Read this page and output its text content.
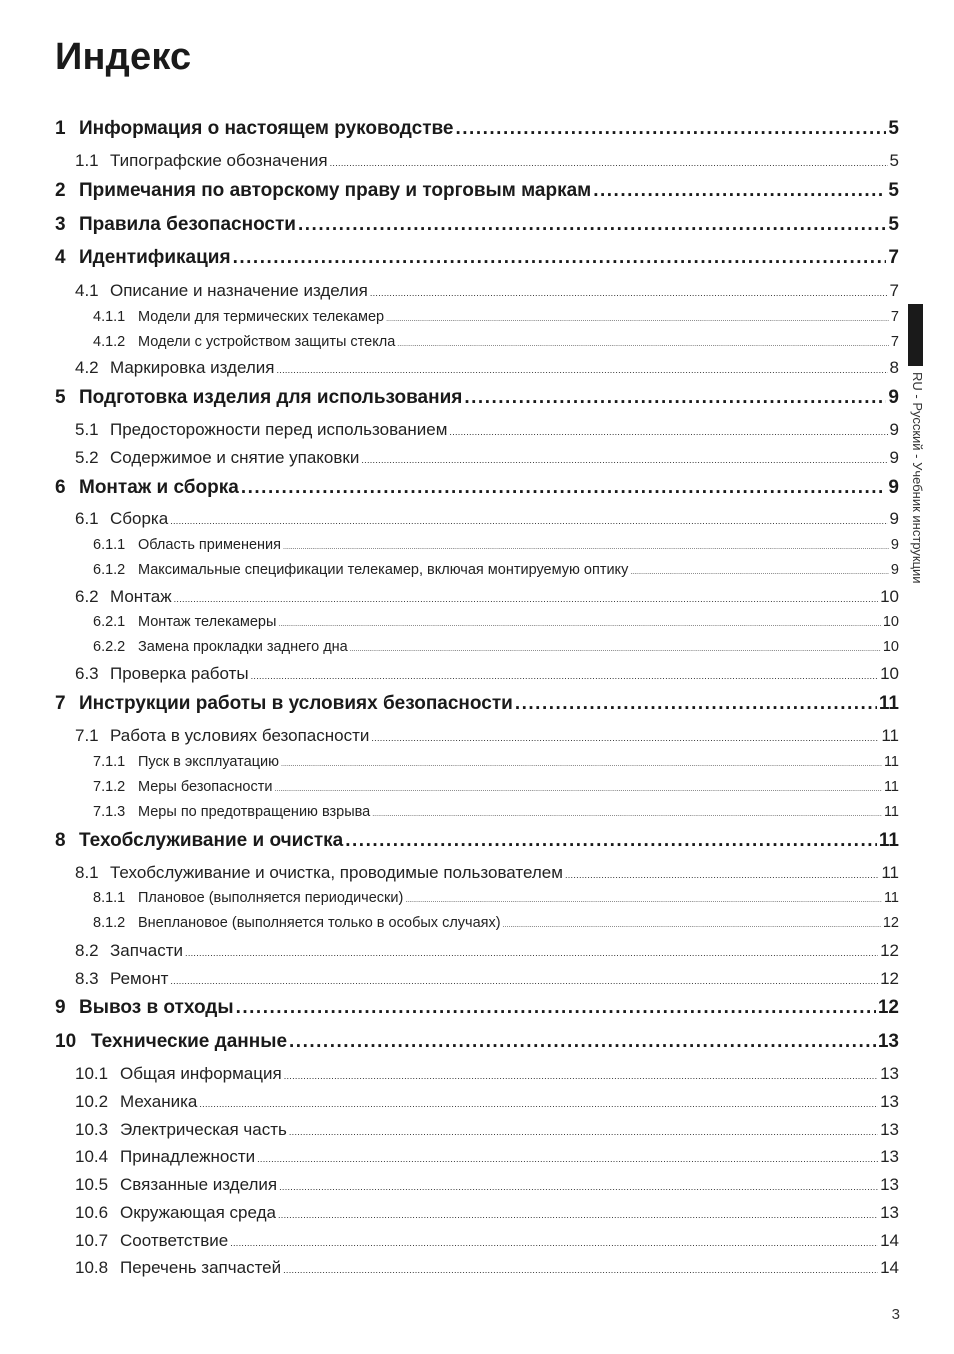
Индекс
1 Информация о настоящем руководстве .....	5
1.1 Типографские обозначения .....	5
2 Примечания по авторскому праву и торговым маркам .....	5
3 Правила безопасности .....	5
4 Идентификация .....	7
4.1 Описание и назначение изделия .....	7
4.1.1 Модели для термических телекамер .....	7
4.1.2 Модели с устройством защиты стекла .....	7
4.2 Маркировка изделия .....	8
5 Подготовка изделия для использования .....	9
5.1 Предосторожности перед использованием .....	9
5.2 Содержимое и снятие упаковки .....	9
6 Монтаж и сборка .....	9
6.1 Сборка .....	9
6.1.1 Область применения .....	9
6.1.2 Максимальные спецификации телекамер, включая монтируемую оптику .....	9
6.2 Монтаж .....	10
6.2.1 Монтаж телекамеры .....	10
6.2.2 Замена прокладки заднего дна .....	10
6.3 Проверка работы .....	10
7 Инструкции работы в условиях безопасности .....	11
7.1 Работа в условиях безопасности .....	11
7.1.1 Пуск в эксплуатацию .....	11
7.1.2 Меры безопасности .....	11
7.1.3 Меры по предотвращению взрыва .....	11
8 Техобслуживание и очистка .....	11
8.1 Техобслуживание и очистка, проводимые пользователем .....	11
8.1.1 Плановое (выполняется периодически) .....	11
8.1.2 Внеплановое (выполняется только в особых случаях) .....	12
8.2 Запчасти .....	12
8.3 Ремонт .....	12
9 Вывоз в отходы .....	12
10 Технические данные .....	13
10.1 Общая информация .....	13
10.2 Механика .....	13
10.3 Электрическая часть .....	13
10.4 Принадлежности .....	13
10.5 Связанные изделия .....	13
10.6 Окружающая среда .....	13
10.7 Соответствие .....	14
10.8 Перечень запчастей .....	14
RU - Русский - Учебник инструкции
3
